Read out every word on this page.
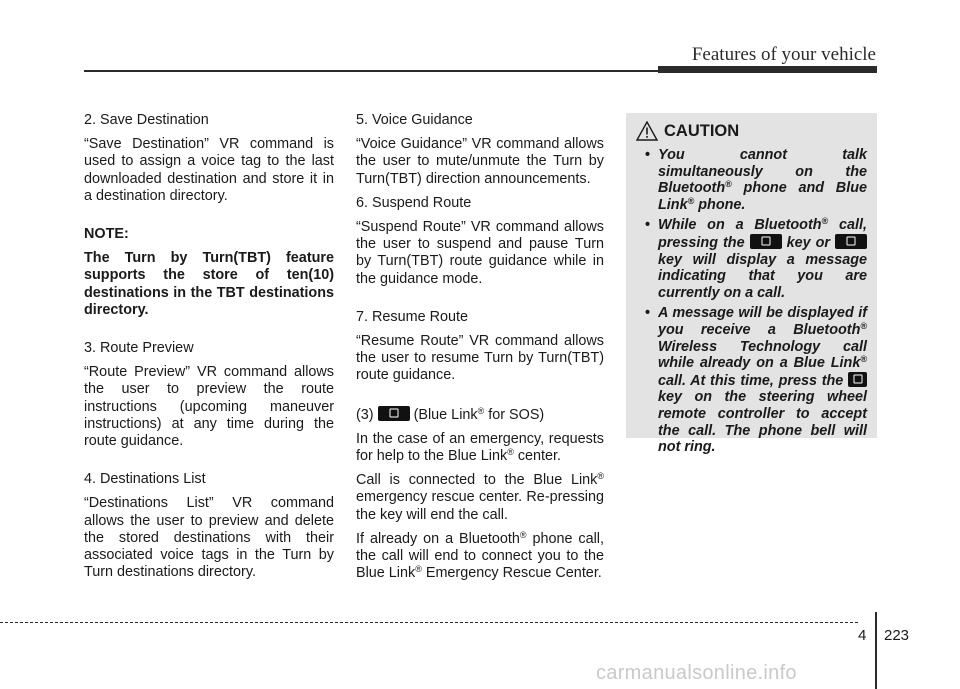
Features of your vehicle

2. Save Destination

“Save Destination” VR command is used to assign a voice tag to the last downloaded destination and store it in a destination directory.

NOTE:

The Turn by Turn(TBT) feature supports the store of ten(10) destinations in the TBT destinations directory.

3. Route Preview

“Route Preview” VR command allows the user to preview the route instructions (upcoming maneuver instructions) at any time during the route guidance.

4. Destinations List

“Destinations List” VR command allows the user to preview and delete the stored destinations with their associated voice tags in the Turn by Turn destinations directory.

5. Voice Guidance

“Voice Guidance” VR command allows the user to mute/unmute the Turn by Turn(TBT) direction announcements.

6. Suspend Route

“Suspend Route” VR command allows the user to suspend and pause Turn by Turn(TBT) route guidance while in the guidance mode.

7. Resume Route

“Resume Route” VR command allows the user to resume Turn by Turn(TBT) route guidance.

(3)	(Blue Link® for SOS)

In the case of an emergency, requests for help to the Blue Link® center.

Call is connected to the Blue Link® emergency rescue center. Re-pressing the key will end the call.

If already on a Bluetooth® phone call, the call will end to connect you to the Blue Link® Emergency Rescue Center.

CAUTION
• You cannot talk simultaneously on the Bluetooth® phone and Blue Link® phone.
• While on a Bluetooth® call, pressing the  key or  key will display a message indicating that you are currently on a call.
• A message will be displayed if you receive a Bluetooth® Wireless Technology call while already on a Blue Link® call. At this time, press the  key on the steering wheel remote controller to accept the call. The phone bell will not ring.
4 223
carmanualsonline.info
